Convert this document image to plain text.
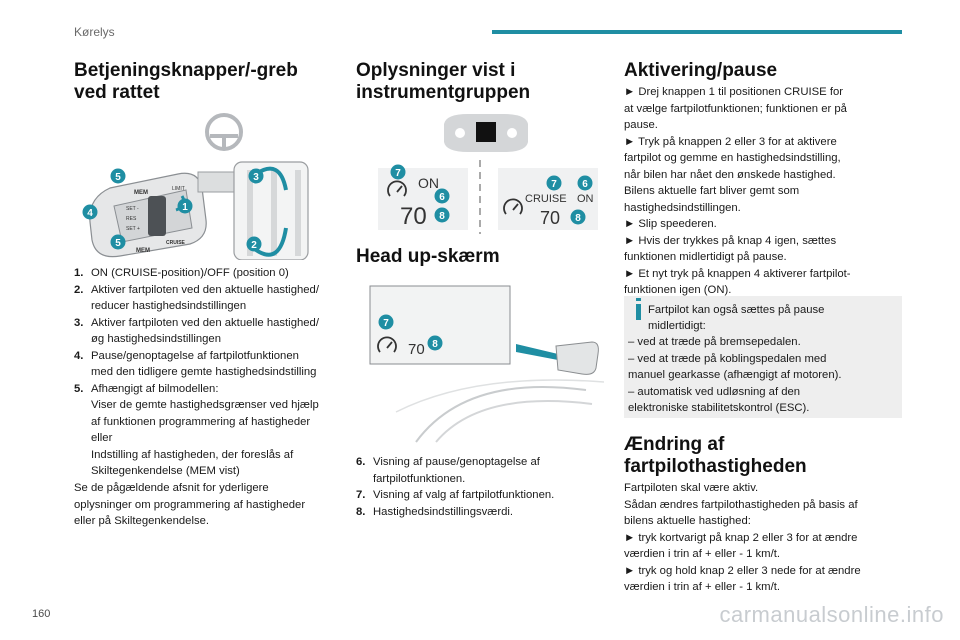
Kørelys
Betjeningsknapper/-greb ved rattet
MEM
LIMIT
SET -
RES
SET +
CRUISE
MEM
5
4
5
1
3
2
1. ON (CRUISE-position)/OFF (position 0)
2. Aktiver fartpiloten ved den aktuelle hastighed/
reducer hastighedsindstillingen
3. Aktiver fartpiloten ved den aktuelle hastighed/
øg hastighedsindstillingen
4. Pause/genoptagelse af fartpilotfunktionen
med den tidligere gemte hastighedsindstilling
5. Afhængigt af bilmodellen:
Viser de gemte hastighedsgrænser ved hjælp
af funktionen programmering af hastigheder
eller
Indstilling af hastigheden, der foreslås af
Skiltegenkendelse (MEM vist)
Se de pågældende afsnit for yderligere
oplysninger om programmering af hastigheder
eller på Skiltegenkendelse.
Oplysninger vist i instrumentgruppen
ON
70
CRUISE ON
70
7
6
8
7	6
8
Head up-skærm
70
7
8
6. Visning af pause/genoptagelse af
fartpilotfunktionen.
7. Visning af valg af fartpilotfunktionen.
8. Hastighedsindstillingsværdi.
Aktivering/pause
► Drej knappen 1 til positionen CRUISE for
at vælge fartpilotfunktionen; funktionen er på
pause.
► Tryk på knappen 2 eller 3 for at aktivere
fartpilot og gemme en hastighedsindstilling,
når bilen har nået den ønskede hastighed.
Bilens aktuelle fart bliver gemt som
hastighedsindstillingen.
► Slip speederen.
► Hvis der trykkes på knap 4 igen, sættes
funktionen midlertidigt på pause.
► Et nyt tryk på knappen 4 aktiverer fartpilot-
funktionen igen (ON).
Fartpilot kan også sættes på pause
midlertidigt:
– ved at træde på bremsepedalen.
– ved at træde på koblingspedalen med
manuel gearkasse (afhængigt af motoren).
– automatisk ved udløsning af den
elektroniske stabilitetskontrol (ESC).
Ændring af fartpilothastigheden
Fartpiloten skal være aktiv.
Sådan ændres fartpilothastigheden på basis af
bilens aktuelle hastighed:
► tryk kortvarigt på knap 2 eller 3 for at ændre
værdien i trin af + eller - 1 km/t.
► tryk og hold knap 2 eller 3 nede for at ændre
værdien i trin af + eller - 1 km/t.
160	carmanualsonline.info
